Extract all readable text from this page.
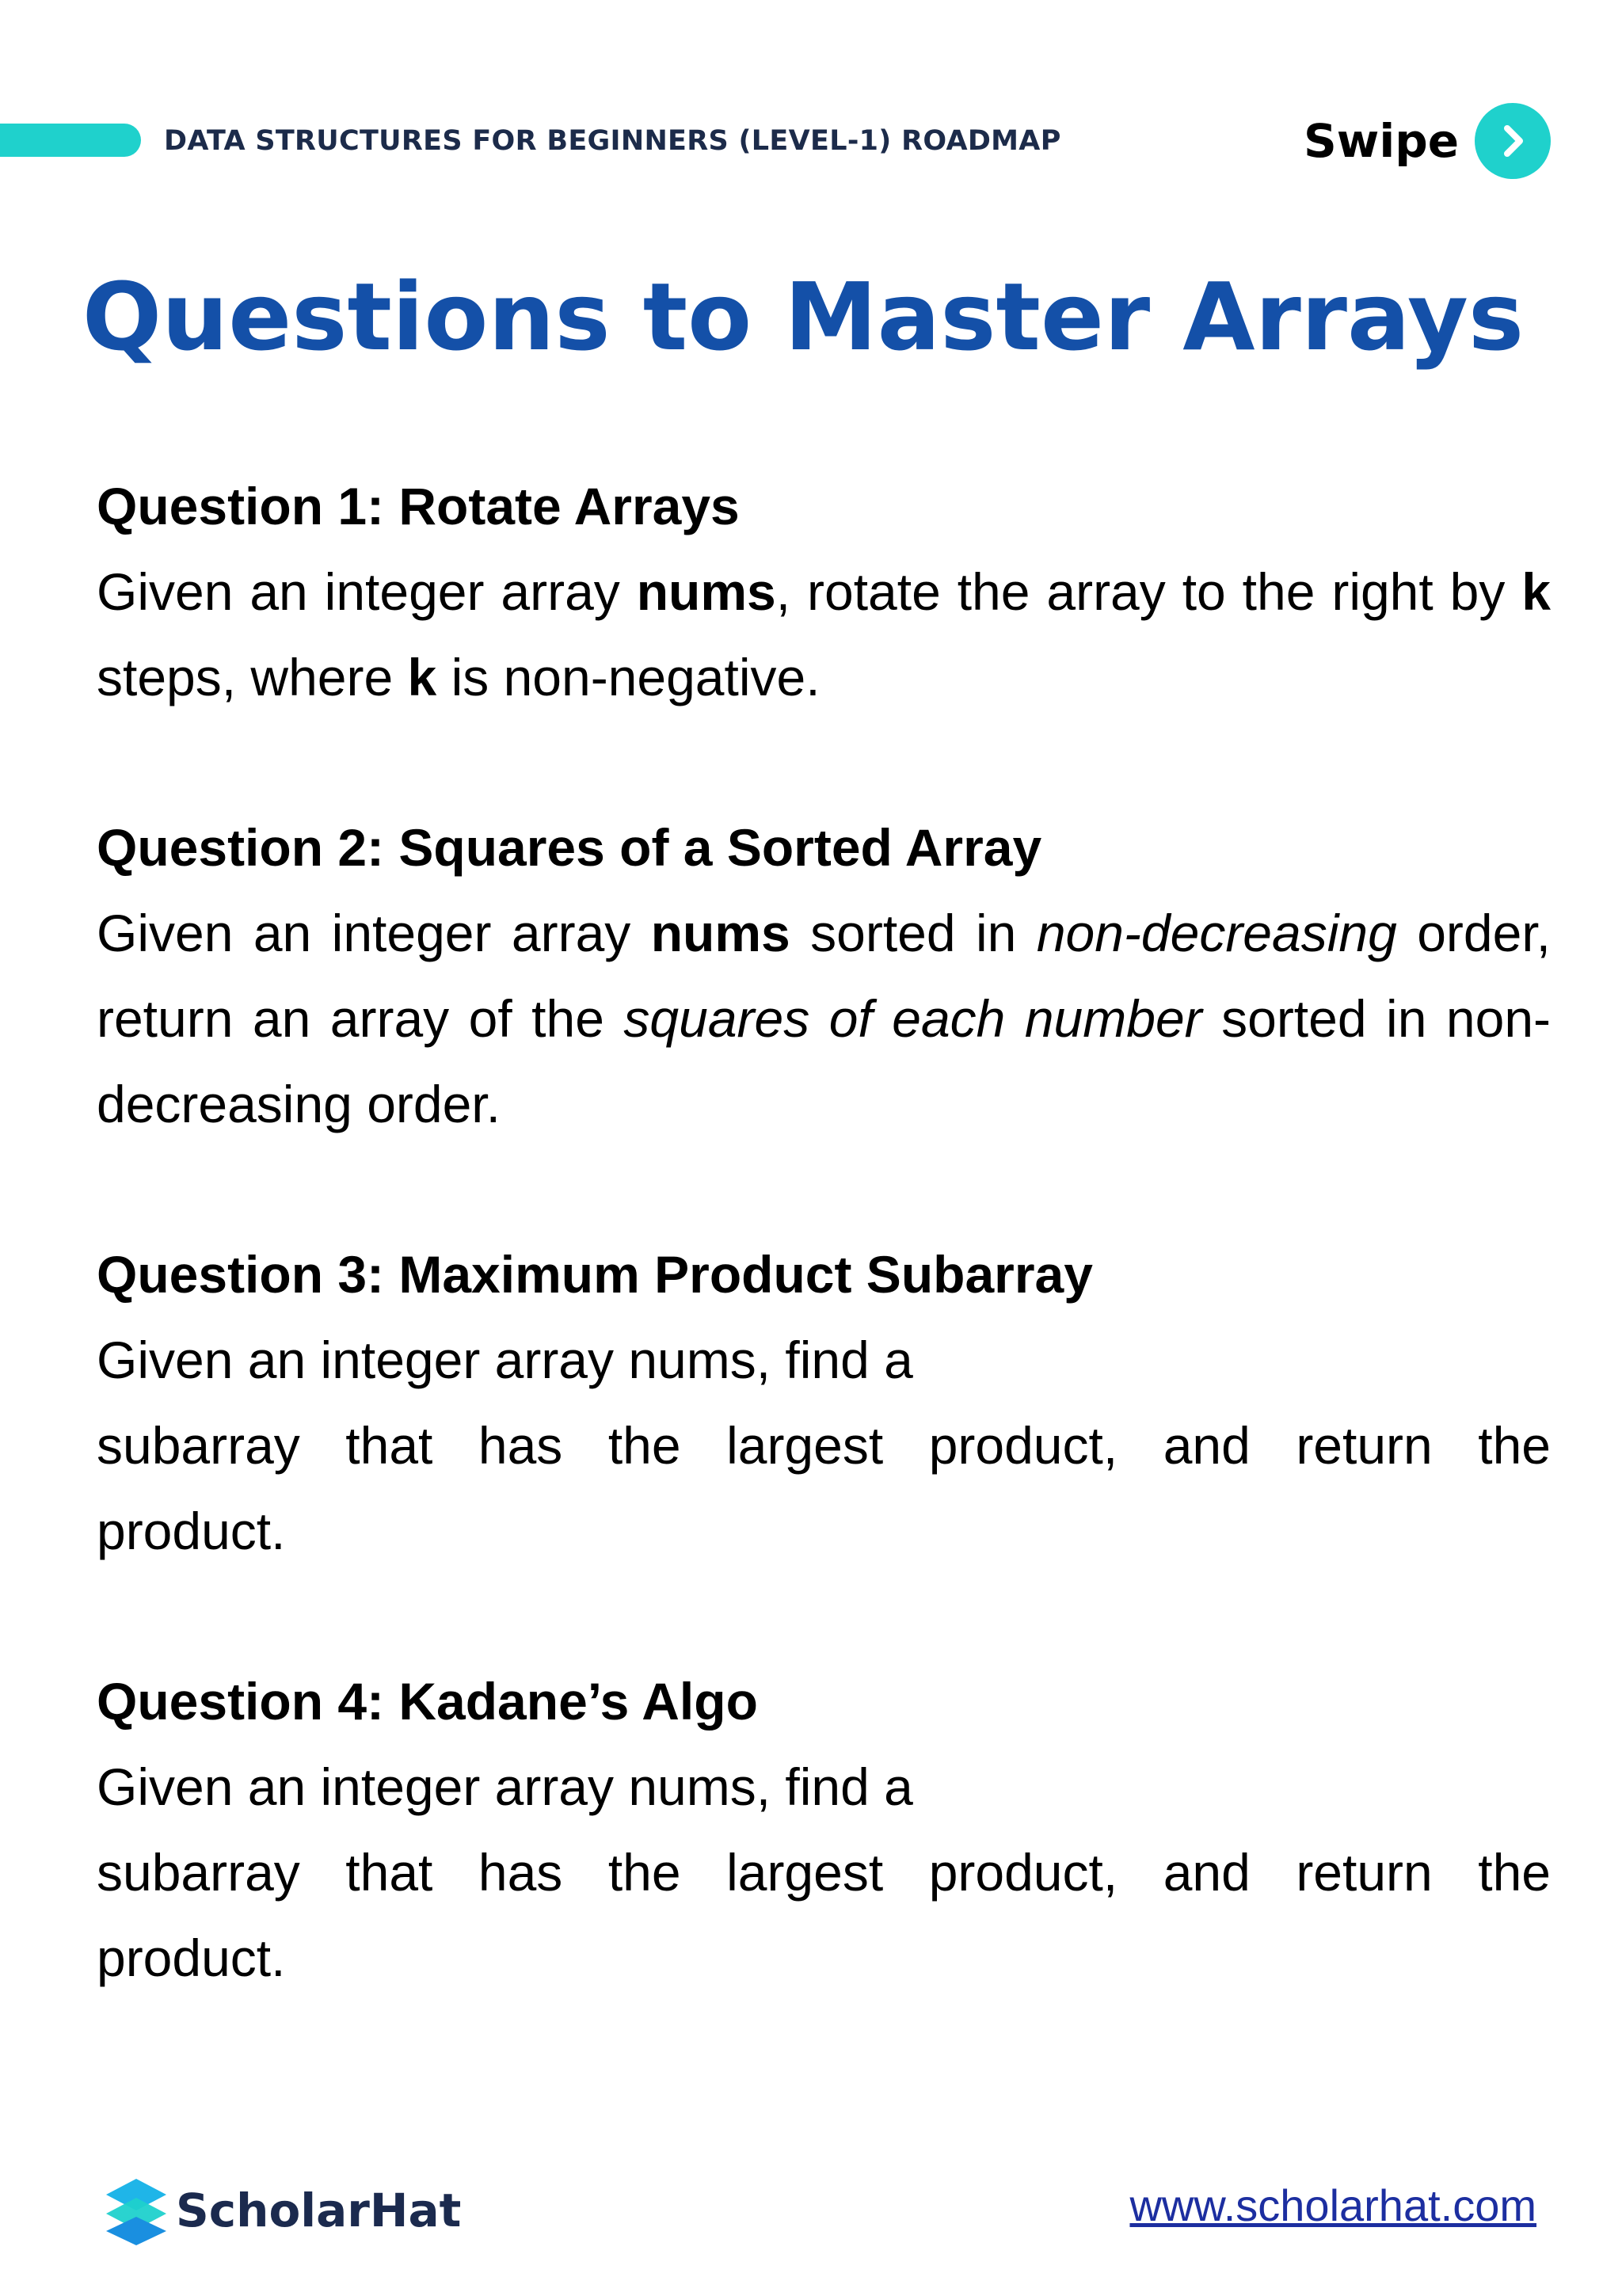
DATA STRUCTURES FOR BEGINNERS (LEVEL-1) ROADMAP	Swipe
Questions to Master Arrays

Question 1: Rotate Arrays

Given an integer array nums, rotate the array to the right by k steps, where k is non-negative.

Question 2: Squares of a Sorted Array

Given an integer array nums sorted in non-decreasing order, return an array of the squares of each number sorted in non-decreasing order.

Question 3: Maximum Product Subarray

Given an integer array nums, find a
subarray that has the largest product, and return the
product.

Question 4: Kadane’s Algo

Given an integer array nums, find a
subarray that has the largest product, and return the
product.
ScholarHat	www.scholarhat.com
